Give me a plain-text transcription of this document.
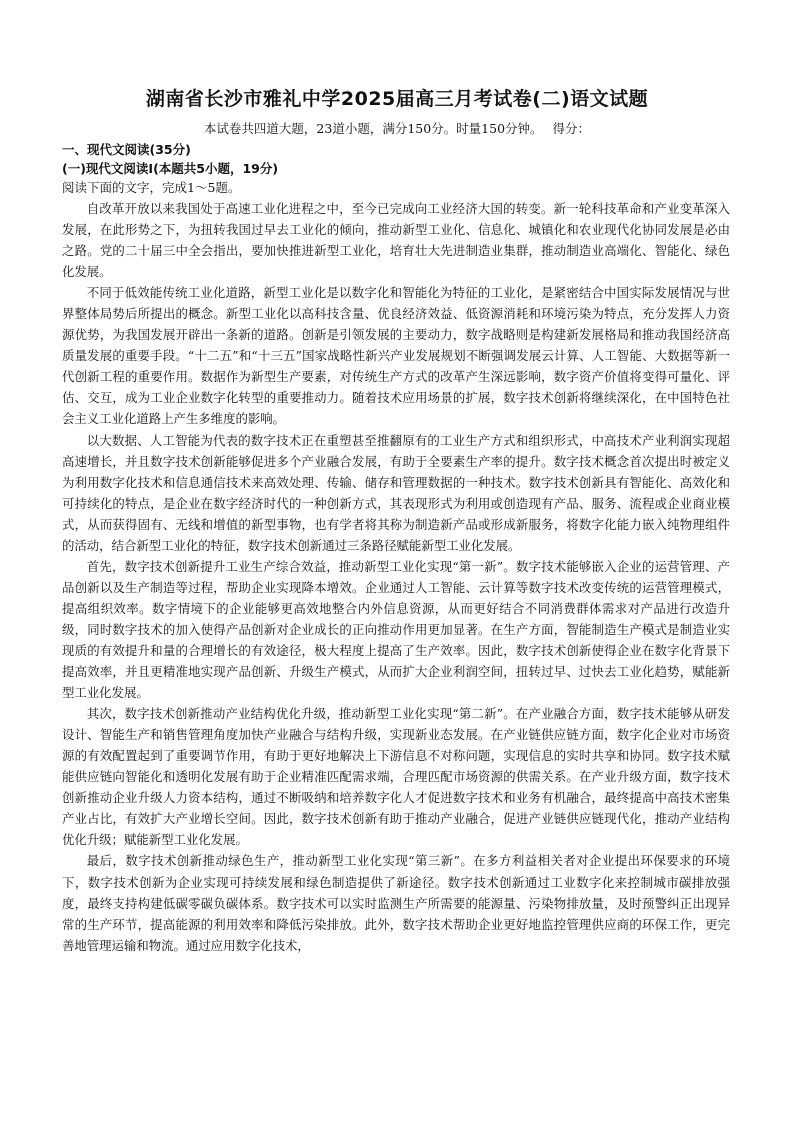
湖南省长沙市雅礼中学2025届高三月考试卷(二)语文试题
本试卷共四道大题，23道小题，满分150分。时量150分钟。 得分：
一、现代文阅读(35分)
(一)现代文阅读I(本题共5小题，19分)
阅读下面的文字，完成1～5题。

自改革开放以来我国处于高速工业化进程之中，至今已完成向工业经济大国的转变。新一轮科技革命和产业变革深入发展，在此形势之下，为扭转我国过早去工业化的倾向，推动新型工业化、信息化、城镇化和农业现代化协同发展是必由之路。党的二十届三中全会指出，要加快推进新型工业化，培育壮大先进制造业集群，推动制造业高端化、智能化、绿色化发展。

不同于低效能传统工业化道路，新型工业化是以数字化和智能化为特征的工业化，是紧密结合中国实际发展情况与世界整体局势后所提出的概念。新型工业化以高科技含量、优良经济效益、低资源消耗和环境污染为特点，充分发挥人力资源优势，为我国发展开辟出一条新的道路。创新是引领发展的主要动力，数字战略则是构建新发展格局和推动我国经济高质量发展的重要手段。“十二五”和“十三五”国家战略性新兴产业发展规划不断强调发展云计算、人工智能、大数据等新一代创新工程的重要作用。数据作为新型生产要素，对传统生产方式的改革产生深远影响，数字资产价值将变得可量化、评估、交互，成为工业企业数字化转型的重要推动力。随着技术应用场景的扩展，数字技术创新将继续深化，在中国特色社会主义工业化道路上产生多维度的影响。

以大数据、人工智能为代表的数字技术正在重塑甚至推翻原有的工业生产方式和组织形式，中高技术产业利润实现超高速增长，并且数字技术创新能够促进多个产业融合发展，有助于全要素生产率的提升。数字技术概念首次提出时被定义为利用数字化技术和信息通信技术来高效处理、传输、储存和管理数据的一种技术。数字技术创新具有智能化、高效化和可持续化的特点，是企业在数字经济时代的一种创新方式，其表现形式为利用或创造现有产品、服务、流程或企业商业模式，从而获得固有、无线和增值的新型事物，也有学者将其称为制造新产品或形成新服务，将数字化能力嵌入纯物理组件的活动，结合新型工业化的特征，数字技术创新通过三条路径赋能新型工业化发展。

首先，数字技术创新提升工业生产综合效益，推动新型工业化实现“第一新”。数字技术能够嵌入企业的运营管理、产品创新以及生产制造等过程，帮助企业实现降本增效。企业通过人工智能、云计算等数字技术改变传统的运营管理模式，提高组织效率。数字情境下的企业能够更高效地整合内外信息资源，从而更好结合不同消费群体需求对产品进行改造升级，同时数字技术的加入使得产品创新对企业成长的正向推动作用更加显著。在生产方面，智能制造生产模式是制造业实现质的有效提升和量的合理增长的有效途径，极大程度上提高了生产效率。因此，数字技术创新使得企业在数字化背景下提高效率，并且更精准地实现产品创新、升级生产模式，从而扩大企业利润空间，扭转过早、过快去工业化趋势，赋能新型工业化发展。

其次，数字技术创新推动产业结构优化升级，推动新型工业化实现“第二新”。在产业融合方面，数字技术能够从研发设计、智能生产和销售管理角度加快产业融合与结构升级，实现新业态发展。在产业链供应链方面，数字化企业对市场资源的有效配置起到了重要调节作用，有助于更好地解决上下游信息不对称问题，实现信息的实时共享和协同。数字技术赋能供应链向智能化和透明化发展有助于企业精准匹配需求端，合理匹配市场资源的供需关系。在产业升级方面，数字技术创新推动企业升级人力资本结构，通过不断吸纳和培养数字化人才促进数字技术和业务有机融合，最终提高中高技术密集产业占比，有效扩大产业增长空间。因此，数字技术创新有助于推动产业融合，促进产业链供应链现代化，推动产业结构优化升级；赋能新型工业化发展。

最后，数字技术创新推动绿色生产，推动新型工业化实现“第三新”。在多方利益相关者对企业提出环保要求的环境下，数字技术创新为企业实现可持续发展和绿色制造提供了新途径。数字技术创新通过工业数字化来控制城市碳排放强度，最终支持构建低碳零碳负碳体系。数字技术可以实时监测生产所需要的能源量、污染物排放量，及时预警纠正出现异常的生产环节，提高能源的利用效率和降低污染排放。此外，数字技术帮助企业更好地监控管理供应商的环保工作，更完善地管理运输和物流。通过应用数字化技术，
